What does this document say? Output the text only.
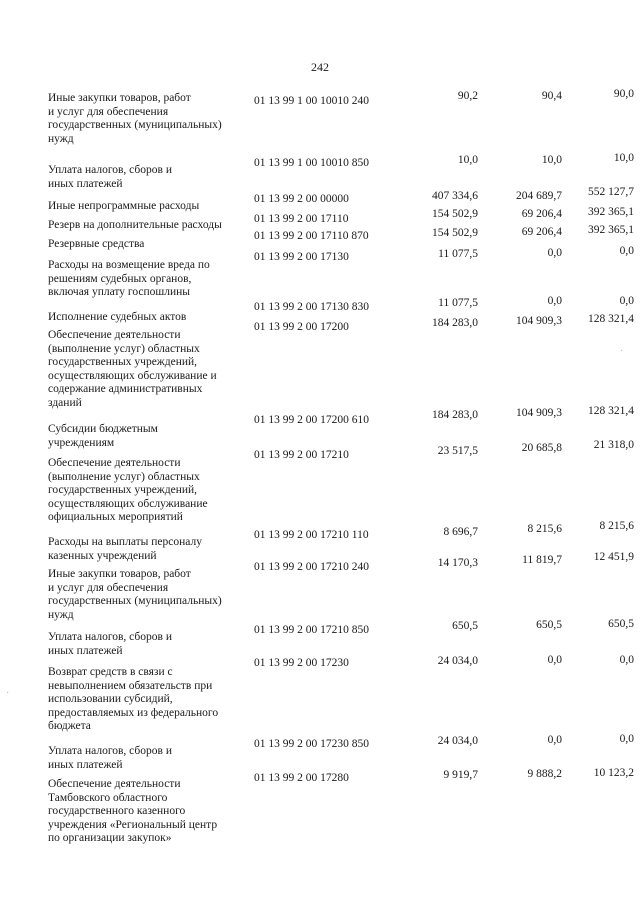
242
Иные закупки товаров, работ
и услуг для обеспечения
государственных (муниципальных)
нужд
01 13 99 1 00 10010 240	90,2	90,4	90,0
Уплата налогов, сборов и
иных платежей
01 13 99 1 00 10010 850	10,0	10,0	10,0
Иные непрограммные расходы
01 13 99 2 00 00000	407 334,6	204 689,7	552 127,7
Резерв на дополнительные расходы	01 13 99 2 00 17110	154 502,9	69 206,4	392 365,1
Резервные средства
01 13 99 2 00 17110 870	154 502,9	69 206,4	392 365,1
Расходы на возмещение вреда по
решениям судебных органов,
включая уплату госпошлины
01 13 99 2 00 17130	11 077,5	0,0	0,0
Исполнение судебных актов
01 13 99 2 00 17130 830	11 077,5	0,0	0,0
Обеспечение деятельности
(выполнение услуг) областных
государственных учреждений,
осуществляющих обслуживание и
содержание административных
зданий
01 13 99 2 00 17200	184 283,0	104 909,3	128 321,4
Субсидии бюджетным
учреждениям
01 13 99 2 00 17200 610	184 283,0	104 909,3	128 321,4
Обеспечение деятельности
(выполнение услуг) областных
государственных учреждений,
осуществляющих обслуживание
официальных мероприятий
01 13 99 2 00 17210	23 517,5	20 685,8	21 318,0
Расходы на выплаты персоналу
казенных учреждений
01 13 99 2 00 17210 110	8 696,7	8 215,6	8 215,6
Иные закупки товаров, работ
и услуг для обеспечения
государственных (муниципальных)
нужд
01 13 99 2 00 17210 240	14 170,3	11 819,7	12 451,9
Уплата налогов, сборов и
иных платежей
01 13 99 2 00 17210 850	650,5	650,5	650,5
Возврат средств в связи с
невыполнением обязательств при
использовании субсидий,
предоставляемых из федерального
бюджета
01 13 99 2 00 17230	24 034,0	0,0	0,0
Уплата налогов, сборов и
иных платежей
01 13 99 2 00 17230 850	24 034,0	0,0	0,0
Обеспечение деятельности
Тамбовского областного
государственного казенного
учреждения «Региональный центр
по организации закупок»
01 13 99 2 00 17280	9 919,7	9 888,2	10 123,2
·
·
